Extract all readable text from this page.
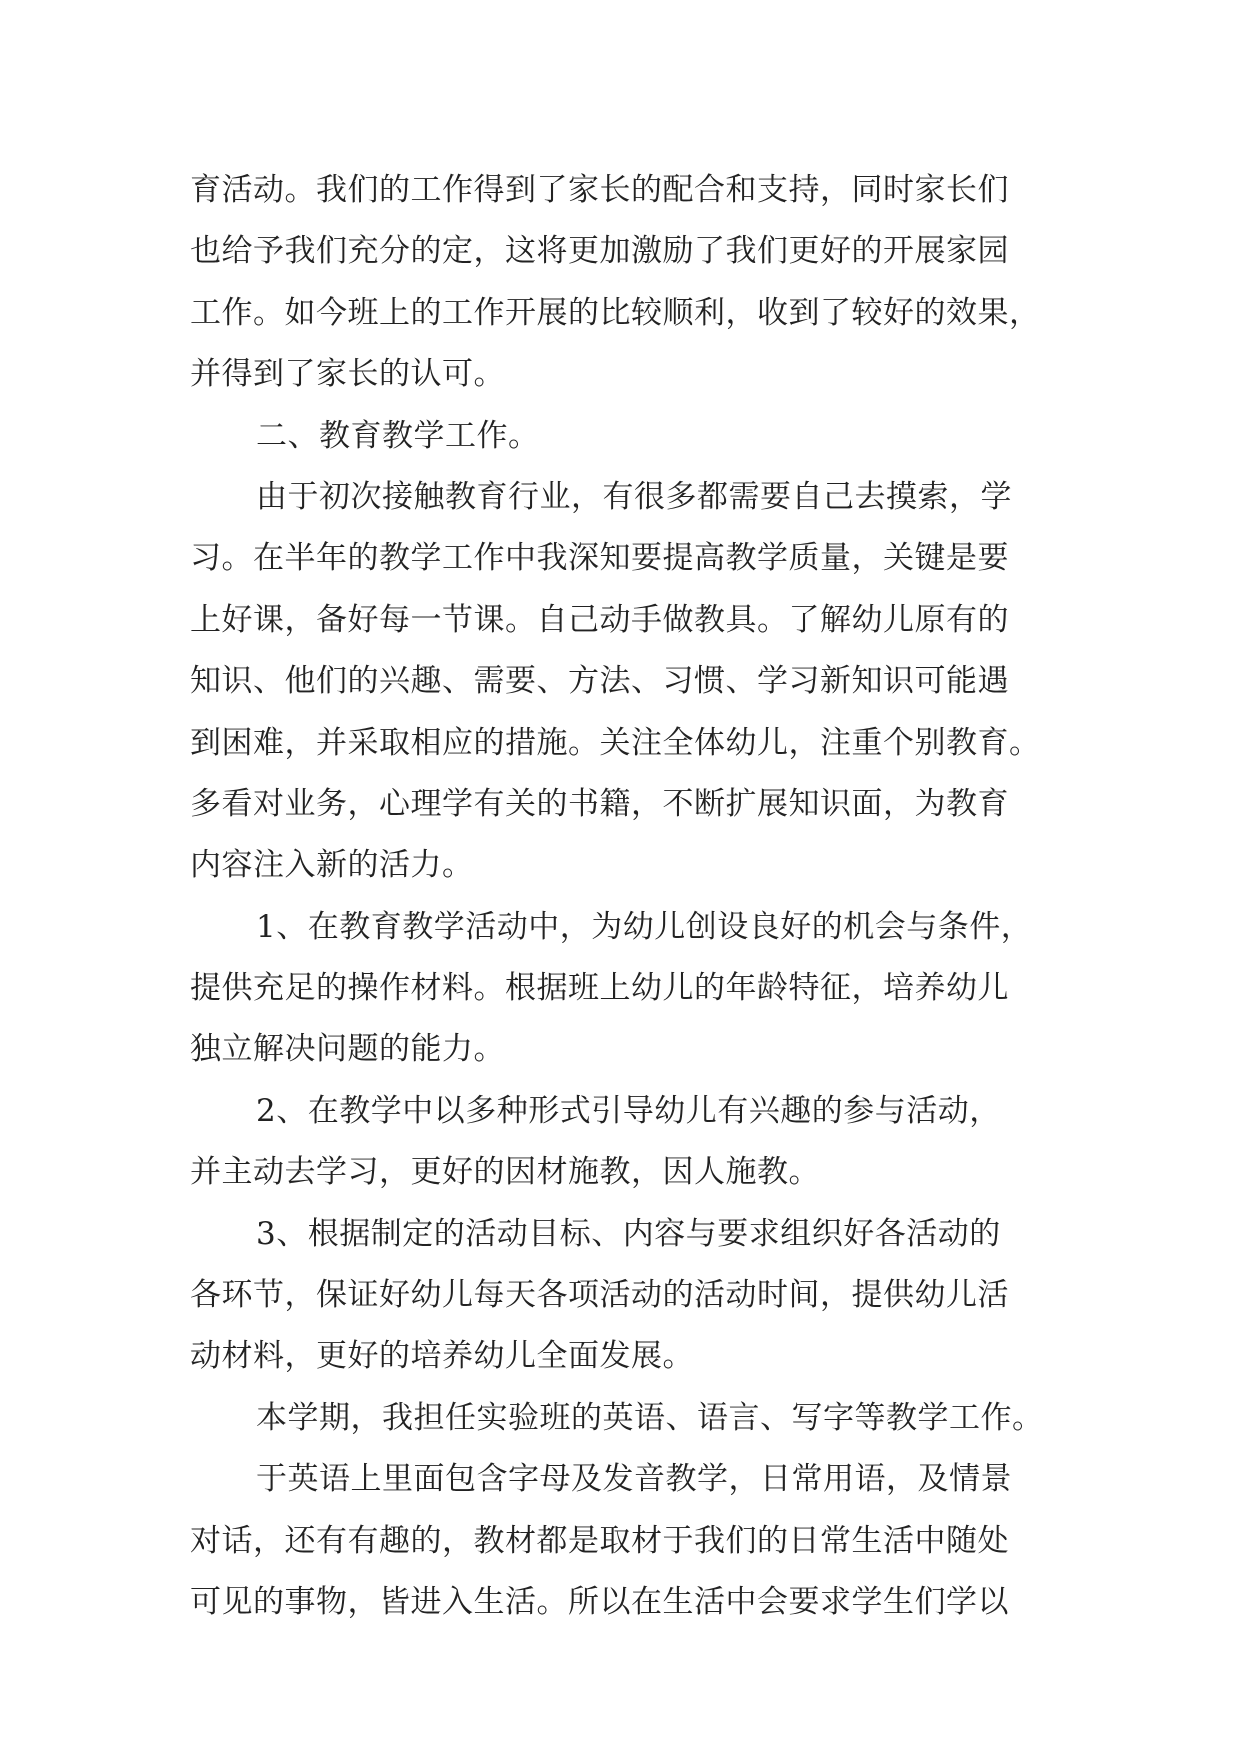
育活动。我们的工作得到了家长的配合和支持，同时家长们
也给予我们充分的定，这将更加激励了我们更好的开展家园
工作。如今班上的工作开展的比较顺利，收到了较好的效果，
并得到了家长的认可。
二、教育教学工作。
由于初次接触教育行业，有很多都需要自己去摸索，学
习。在半年的教学工作中我深知要提高教学质量，关键是要
上好课，备好每一节课。自己动手做教具。了解幼儿原有的
知识、他们的兴趣、需要、方法、习惯、学习新知识可能遇
到困难，并采取相应的措施。关注全体幼儿，注重个别教育。
多看对业务，心理学有关的书籍，不断扩展知识面，为教育
内容注入新的活力。
1、在教育教学活动中，为幼儿创设良好的机会与条件，
提供充足的操作材料。根据班上幼儿的年龄特征，培养幼儿
独立解决问题的能力。
2、在教学中以多种形式引导幼儿有兴趣的参与活动，
并主动去学习，更好的因材施教，因人施教。
3、根据制定的活动目标、内容与要求组织好各活动的
各环节，保证好幼儿每天各项活动的活动时间，提供幼儿活
动材料，更好的培养幼儿全面发展。
本学期，我担任实验班的英语、语言、写字等教学工作。
于英语上里面包含字母及发音教学，日常用语，及情景
对话，还有有趣的，教材都是取材于我们的日常生活中随处
可见的事物，皆进入生活。所以在生活中会要求学生们学以
